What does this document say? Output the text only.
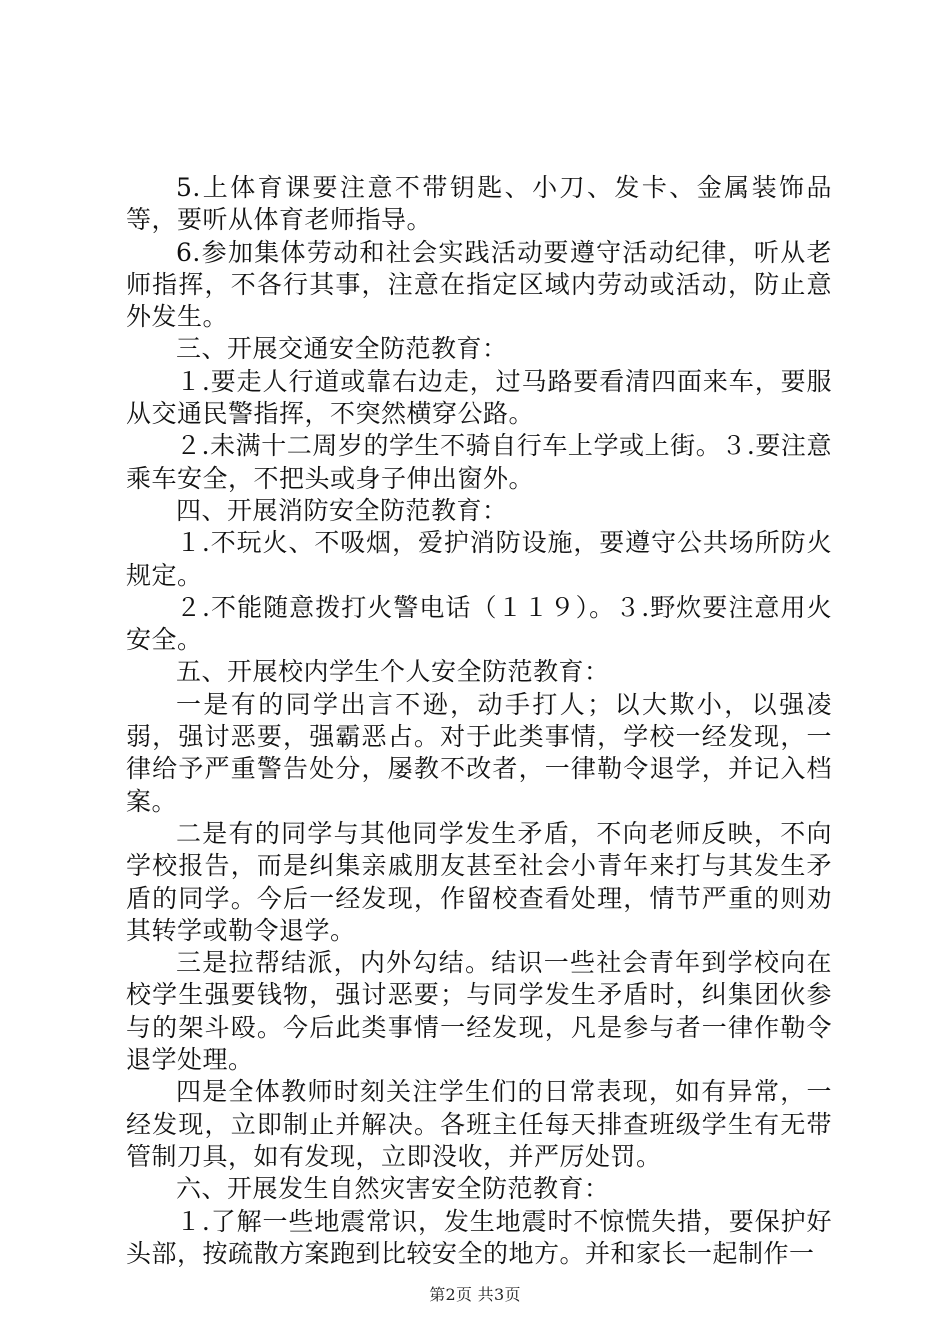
5.上体育课要注意不带钥匙、小刀、发卡、金属装饰品等，要听从体育老师指导。

6.参加集体劳动和社会实践活动要遵守活动纪律，听从老师指挥，不各行其事，注意在指定区域内劳动或活动，防止意外发生。

三、开展交通安全防范教育：

１.要走人行道或靠右边走，过马路要看清四面来车，要服从交通民警指挥，不突然横穿公路。

２.未满十二周岁的学生不骑自行车上学或上街。３.要注意乘车安全，不把头或身子伸出窗外。

四、开展消防安全防范教育：

１.不玩火、不吸烟，爱护消防设施，要遵守公共场所防火规定。

２.不能随意拨打火警电话（１１９）。３.野炊要注意用火安全。

五、开展校内学生个人安全防范教育：

一是有的同学出言不逊，动手打人；以大欺小，以强凌弱，强讨恶要，强霸恶占。对于此类事情，学校一经发现，一律给予严重警告处分，屡教不改者，一律勒令退学，并记入档案。

二是有的同学与其他同学发生矛盾，不向老师反映，不向学校报告，而是纠集亲戚朋友甚至社会小青年来打与其发生矛盾的同学。今后一经发现，作留校查看处理，情节严重的则劝其转学或勒令退学。

三是拉帮结派，内外勾结。结识一些社会青年到学校向在校学生强要钱物，强讨恶要；与同学发生矛盾时，纠集团伙参与的架斗殴。今后此类事情一经发现，凡是参与者一律作勒令退学处理。

四是全体教师时刻关注学生们的日常表现，如有异常，一经发现，立即制止并解决。各班主任每天排查班级学生有无带管制刀具，如有发现，立即没收，并严厉处罚。

六、开展发生自然灾害安全防范教育：

１.了解一些地震常识，发生地震时不惊慌失措，要保护好头部，按疏散方案跑到比较安全的地方。并和家长一起制作一

第2页 共3页
